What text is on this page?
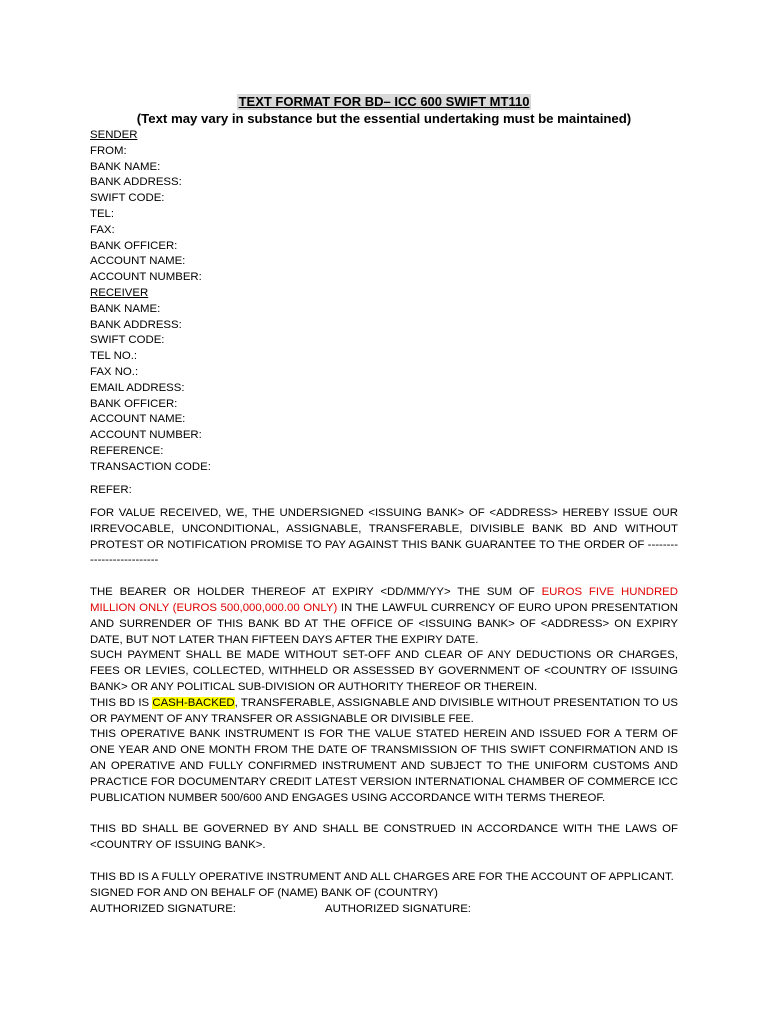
TEXT FORMAT FOR BD– ICC 600 SWIFT MT110
(Text may vary in substance but the essential undertaking must be maintained)
SENDER
FROM:
BANK NAME:
BANK ADDRESS:
SWIFT CODE:
TEL:
FAX:
BANK OFFICER:
ACCOUNT NAME:
ACCOUNT NUMBER:
RECEIVER
BANK NAME:
BANK ADDRESS:
SWIFT CODE:
TEL NO.:
FAX NO.:
EMAIL ADDRESS:
BANK OFFICER:
ACCOUNT NAME:
ACCOUNT NUMBER:
REFERENCE:
TRANSACTION CODE:
REFER:

FOR VALUE RECEIVED, WE, THE UNDERSIGNED <ISSUING BANK> OF <ADDRESS> HEREBY ISSUE OUR IRREVOCABLE, UNCONDITIONAL, ASSIGNABLE, TRANSFERABLE, DIVISIBLE BANK BD AND WITHOUT PROTEST OR NOTIFICATION PROMISE TO PAY AGAINST THIS BANK GUARANTEE TO THE ORDER OF --------------------------

THE BEARER OR HOLDER THEREOF AT EXPIRY <DD/MM/YY> THE SUM OF EUROS FIVE HUNDRED MILLION ONLY (EUROS 500,000,000.00 ONLY) IN THE LAWFUL CURRENCY OF EURO UPON PRESENTATION AND SURRENDER OF THIS BANK BD AT THE OFFICE OF <ISSUING BANK> OF <ADDRESS> ON EXPIRY DATE, BUT NOT LATER THAN FIFTEEN DAYS AFTER THE EXPIRY DATE.

SUCH PAYMENT SHALL BE MADE WITHOUT SET-OFF AND CLEAR OF ANY DEDUCTIONS OR CHARGES, FEES OR LEVIES, COLLECTED, WITHHELD OR ASSESSED BY GOVERNMENT OF <COUNTRY OF ISSUING BANK> OR ANY POLITICAL SUB-DIVISION OR AUTHORITY THEREOF OR THEREIN.

THIS BD IS CASH-BACKED, TRANSFERABLE, ASSIGNABLE AND DIVISIBLE WITHOUT PRESENTATION TO US OR PAYMENT OF ANY TRANSFER OR ASSIGNABLE OR DIVISIBLE FEE.

THIS OPERATIVE BANK INSTRUMENT IS FOR THE VALUE STATED HEREIN AND ISSUED FOR A TERM OF ONE YEAR AND ONE MONTH FROM THE DATE OF TRANSMISSION OF THIS SWIFT CONFIRMATION AND IS AN OPERATIVE AND FULLY CONFIRMED INSTRUMENT AND SUBJECT TO THE UNIFORM CUSTOMS AND PRACTICE FOR DOCUMENTARY CREDIT LATEST VERSION INTERNATIONAL CHAMBER OF COMMERCE ICC PUBLICATION NUMBER 500/600 AND ENGAGES USING ACCORDANCE WITH TERMS THEREOF.

THIS BD SHALL BE GOVERNED BY AND SHALL BE CONSTRUED IN ACCORDANCE WITH THE LAWS OF <COUNTRY OF ISSUING BANK>.

THIS BD IS A FULLY OPERATIVE INSTRUMENT AND ALL CHARGES ARE FOR THE ACCOUNT OF APPLICANT.

SIGNED FOR AND ON BEHALF OF (NAME) BANK OF (COUNTRY)

AUTHORIZED SIGNATURE:	AUTHORIZED SIGNATURE:
